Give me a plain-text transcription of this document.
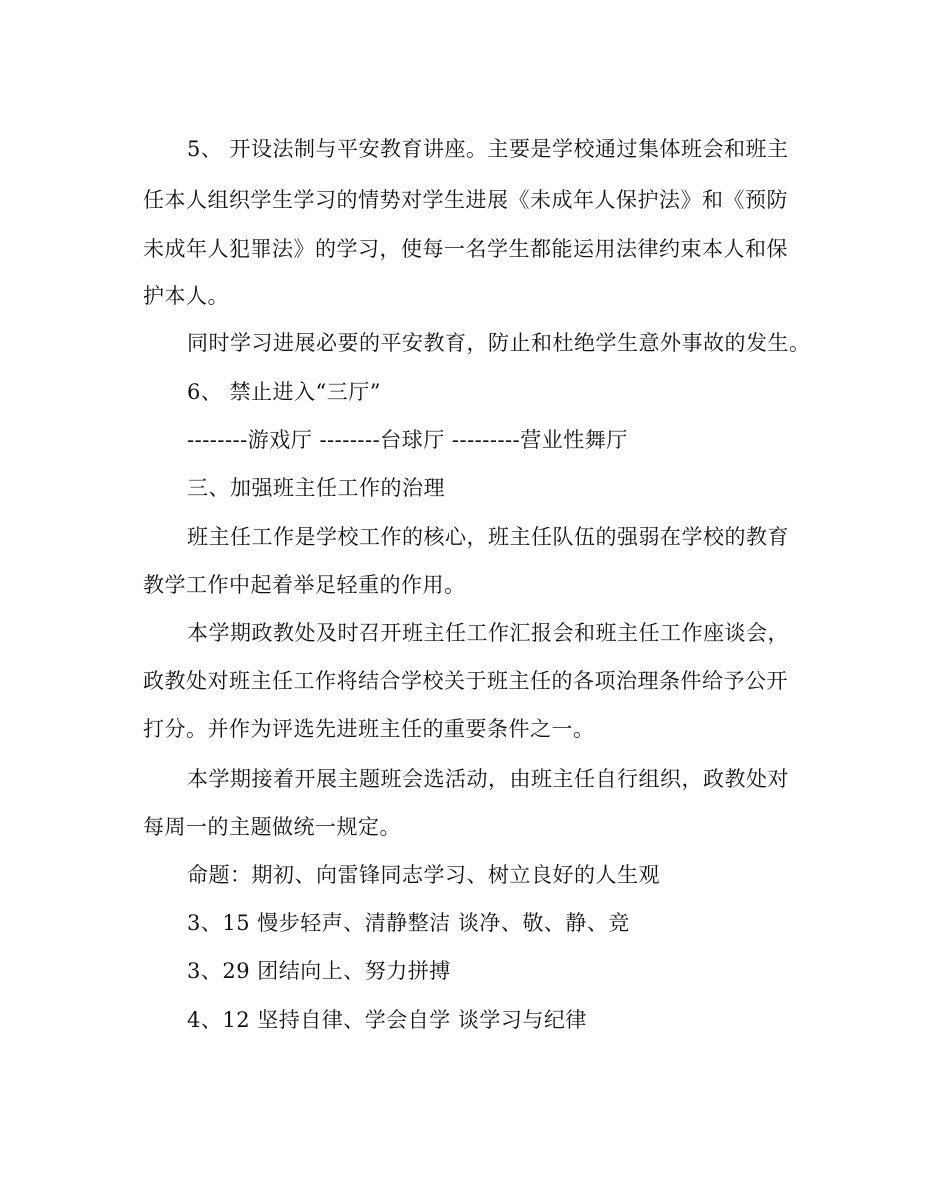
5、 开设法制与平安教育讲座。主要是学校通过集体班会和班主
任本人组织学生学习的情势对学生进展《未成年人保护法》和《预防
未成年人犯罪法》的学习，使每一名学生都能运用法律约束本人和保
护本人。
同时学习进展必要的平安教育，防止和杜绝学生意外事故的发生。
6、 禁止进入“三厅”
--------游戏厅 --------台球厅 ---------营业性舞厅
三、加强班主任工作的治理
班主任工作是学校工作的核心，班主任队伍的强弱在学校的教育
教学工作中起着举足轻重的作用。
本学期政教处及时召开班主任工作汇报会和班主任工作座谈会，
政教处对班主任工作将结合学校关于班主任的各项治理条件给予公开
打分。并作为评选先进班主任的重要条件之一。
本学期接着开展主题班会选活动，由班主任自行组织，政教处对
每周一的主题做统一规定。
命题：期初、向雷锋同志学习、树立良好的人生观
3、15 慢步轻声、清静整洁 谈净、敬、静、竞
3、29 团结向上、努力拼搏
4、12 坚持自律、学会自学 谈学习与纪律
